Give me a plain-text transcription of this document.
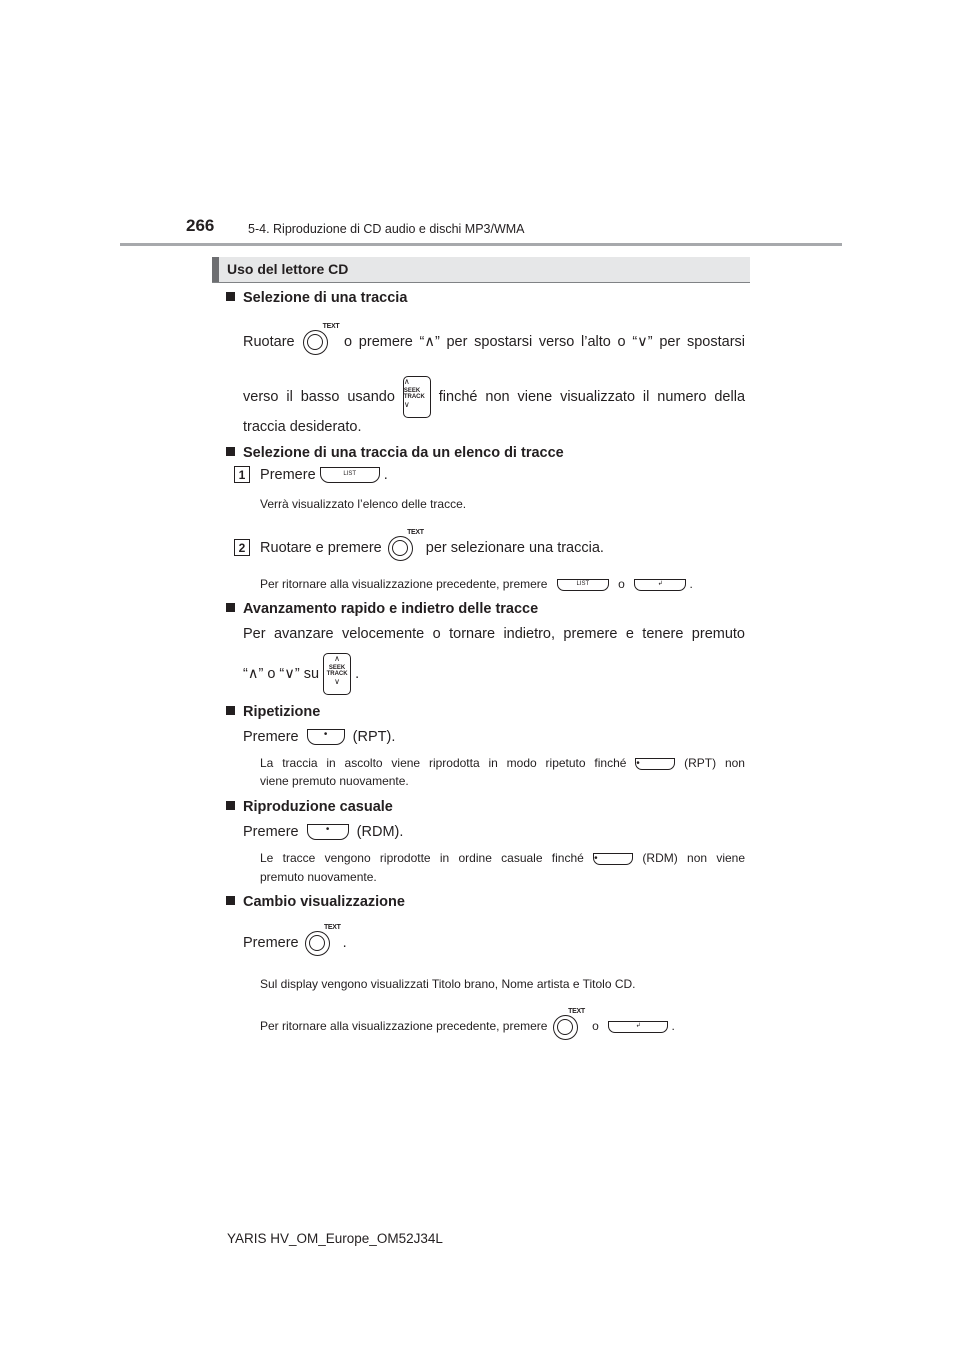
266	5-4. Riproduzione di CD audio e dischi MP3/WMA
Uso del lettore CD
Selezione di una traccia
Ruotare
TEXT
o premere “∧” per spostarsi verso l’alto o “∨” per spostarsi
verso il basso usando
∧
SEEK
TRACK
∨	finché non viene visualizzato il numero della
traccia desiderato.
Selezione di una traccia da un elenco di tracce
1 Premere	LIST .
Verrà visualizzato l’elenco delle tracce.
2 Ruotare e premere
TEXT
per selezionare una traccia.
Per ritornare alla visualizzazione precedente, premere	LIST o	↲ .
Avanzamento rapido e indietro delle tracce
Per avanzare velocemente o tornare indietro, premere e tenere premuto
“∧” o “∨” su
∧
SEEK
TRACK
∨	.
Ripetizione
Premere	• (RPT).
La traccia in ascolto viene riprodotta in modo ripetuto finché •	(RPT) non
viene premuto nuovamente.
Riproduzione casuale
Premere	• (RDM).
Le tracce vengono riprodotte in ordine casuale finché •	(RDM) non viene
premuto nuovamente.
Cambio visualizzazione
Premere
TEXT
.
Sul display vengono visualizzati Titolo brano, Nome artista e Titolo CD.
Per ritornare alla visualizzazione precedente, premere
TEXT
o	↲	.
YARIS HV_OM_Europe_OM52J34L
